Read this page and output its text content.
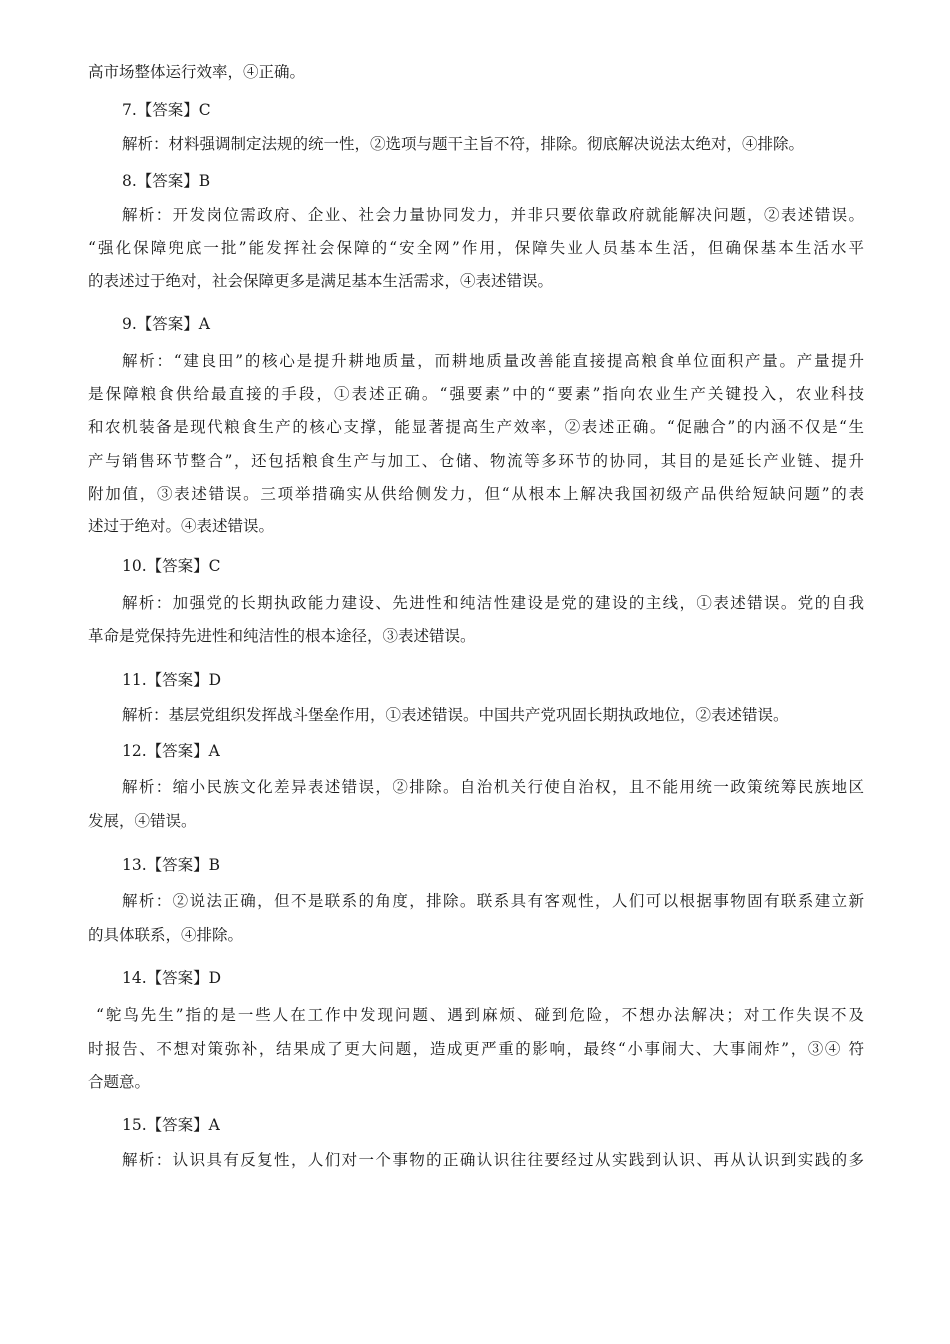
高市场整体运行效率，④正确。
7.【答案】C
解析：材料强调制定法规的统一性，②选项与题干主旨不符，排除。彻底解决说法太绝对，④排除。
8.【答案】B
解析：开发岗位需政府、企业、社会力量协同发力，并非只要依靠政府就能解决问题，②表述错误。
“强化保障兜底一批”能发挥社会保障的“安全网”作用，保障失业人员基本生活，但确保基本生活水平
的表述过于绝对，社会保障更多是满足基本生活需求，④表述错误。
9.【答案】A
解析：“建良田”的核心是提升耕地质量，而耕地质量改善能直接提高粮食单位面积产量。产量提升
是保障粮食供给最直接的手段，①表述正确。“强要素”中的“要素”指向农业生产关键投入，农业科技
和农机装备是现代粮食生产的核心支撑，能显著提高生产效率，②表述正确。“促融合”的内涵不仅是“生
产与销售环节整合”，还包括粮食生产与加工、仓储、物流等多环节的协同，其目的是延长产业链、提升
附加值，③表述错误。三项举措确实从供给侧发力，但“从根本上解决我国初级产品供给短缺问题”的表
述过于绝对。④表述错误。
10.【答案】C
解析：加强党的长期执政能力建设、先进性和纯洁性建设是党的建设的主线，①表述错误。党的自我
革命是党保持先进性和纯洁性的根本途径，③表述错误。
11.【答案】D
解析：基层党组织发挥战斗堡垒作用，①表述错误。中国共产党巩固长期执政地位，②表述错误。
12.【答案】A
解析：缩小民族文化差异表述错误，②排除。自治机关行使自治权，且不能用统一政策统筹民族地区
发展，④错误。
13.【答案】B
解析：②说法正确，但不是联系的角度，排除。联系具有客观性，人们可以根据事物固有联系建立新
的具体联系，④排除。
14.【答案】D
“鸵鸟先生”指的是一些人在工作中发现问题、遇到麻烦、碰到危险，不想办法解决；对工作失误不及
时报告、不想对策弥补，结果成了更大问题，造成更严重的影响，最终“小事闹大、大事闹炸”，③④ 符
合题意。
15.【答案】A
解析：认识具有反复性，人们对一个事物的正确认识往往要经过从实践到认识、再从认识到实践的多
